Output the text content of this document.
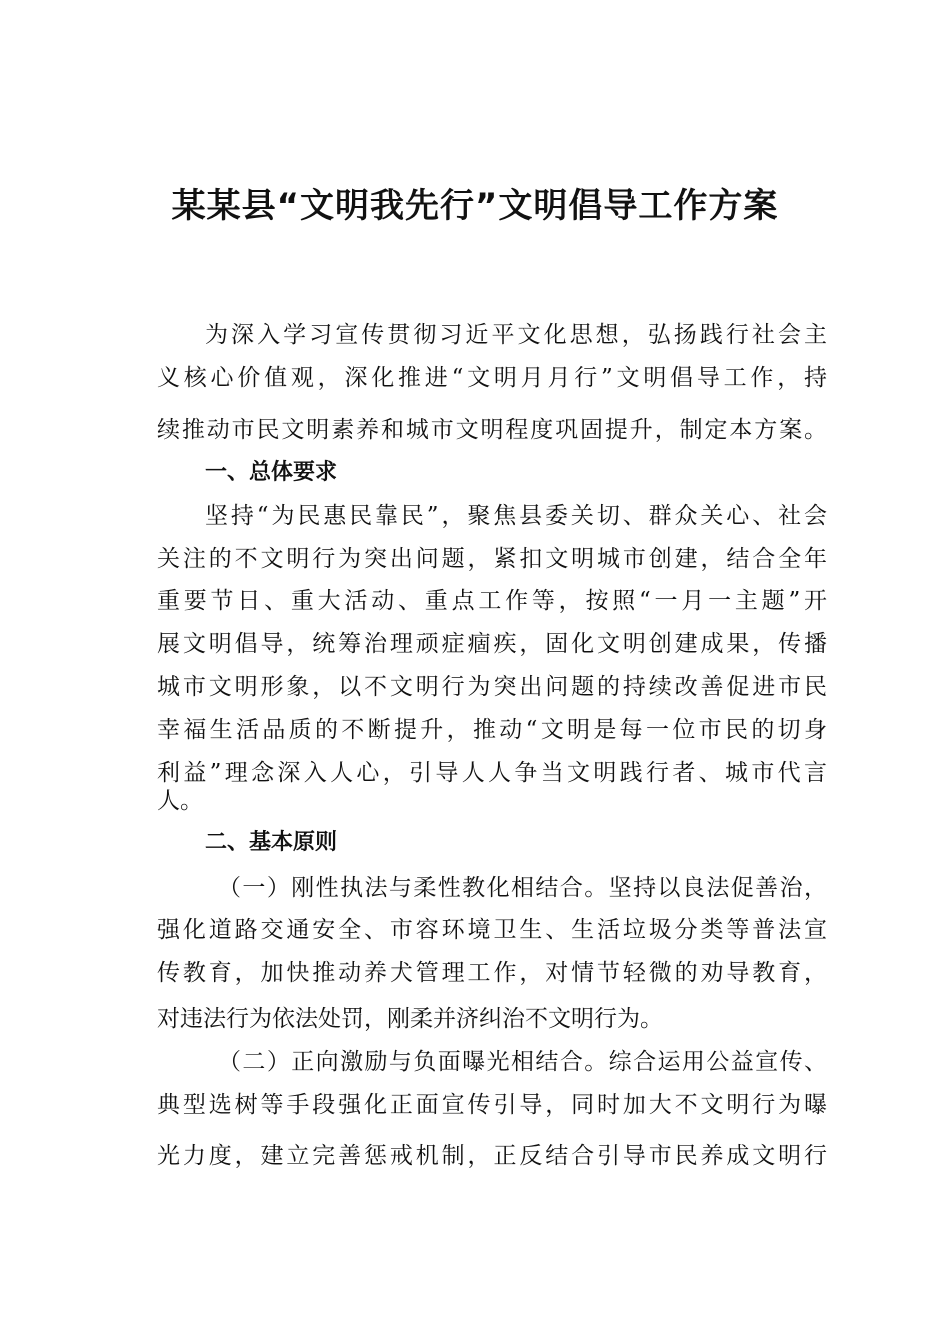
某某县“文明我先行”文明倡导工作方案
为深入学习宣传贯彻习近平文化思想，弘扬践行社会主
义核心价值观，深化推进“文明月月行”文明倡导工作，持
续推动市民文明素养和城市文明程度巩固提升，制定本方案。
一、总体要求
坚持“为民惠民靠民”，聚焦县委关切、群众关心、社会
关注的不文明行为突出问题，紧扣文明城市创建，结合全年
重要节日、重大活动、重点工作等，按照“一月一主题”开
展文明倡导，统筹治理顽症痼疾，固化文明创建成果，传播
城市文明形象，以不文明行为突出问题的持续改善促进市民
幸福生活品质的不断提升，推动“文明是每一位市民的切身
利益”理念深入人心，引导人人争当文明践行者、城市代言
人。
二、基本原则
（一）刚性执法与柔性教化相结合。坚持以良法促善治，
强化道路交通安全、市容环境卫生、生活垃圾分类等普法宣
传教育，加快推动养犬管理工作，对情节轻微的劝导教育，
对违法行为依法处罚，刚柔并济纠治不文明行为。
（二）正向激励与负面曝光相结合。综合运用公益宣传、
典型选树等手段强化正面宣传引导，同时加大不文明行为曝
光力度，建立完善惩戒机制，正反结合引导市民养成文明行
